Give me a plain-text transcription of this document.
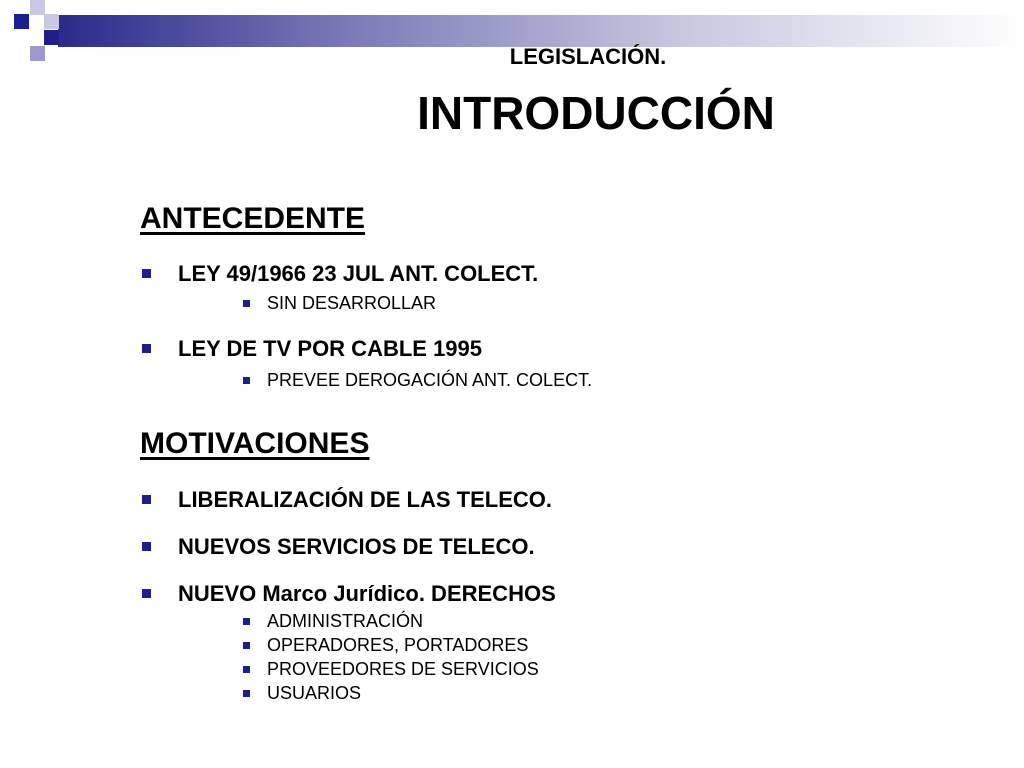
LEGISLACIÓN.
INTRODUCCIÓN
ANTECEDENTE
LEY 49/1966 23 JUL ANT. COLECT.
SIN DESARROLLAR
LEY DE TV POR CABLE 1995
PREVEE DEROGACIÓN ANT. COLECT.
MOTIVACIONES
LIBERALIZACIÓN DE LAS TELECO.
NUEVOS SERVICIOS DE TELECO.
NUEVO Marco Jurídico. DERECHOS
ADMINISTRACIÓN
OPERADORES, PORTADORES
PROVEEDORES DE SERVICIOS
USUARIOS
